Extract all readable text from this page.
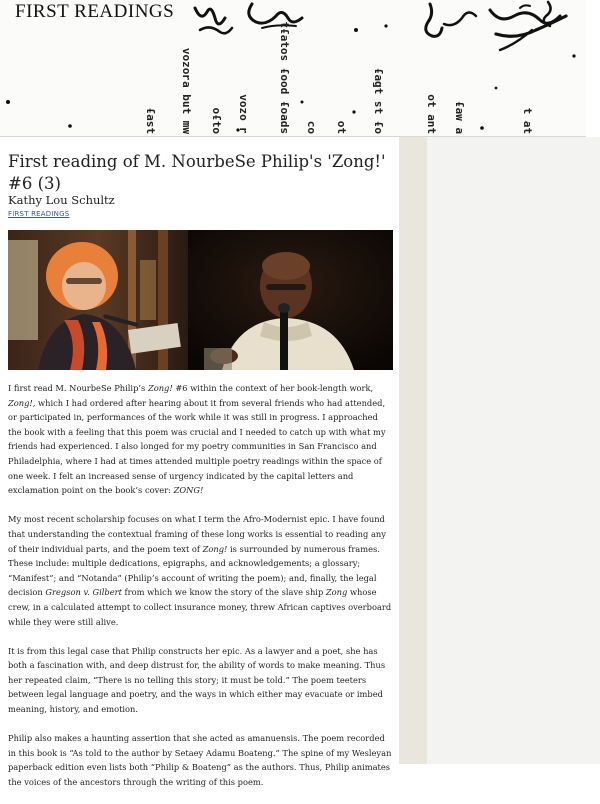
ʇsɐɟ ʍɯ ʇnq ɐɹozoʌ oʇɟo ɹ ozoʌ	spɐoɟ pooɟ soʇɐɟʇ oɔ ʇo oɟ ʇs ʇƃɐɟ	ʇuɐ ʇo ɐ ʍɐɟ	ʇɐ ʇ
FIRST READINGS
First reading of M. NourbeSe Philip's 'Zong!' #6 (3)
Kathy Lou Schultz
FIRST READINGS

I first read M. NourbeSe Philip’s Zong! #6 within the context of her book-length work, Zong!, which I had ordered after hearing about it from several friends who had attended, or participated in, performances of the work while it was still in progress. I approached the book with a feeling that this poem was crucial and I needed to catch up with what my friends had experienced. I also longed for my poetry communities in San Francisco and Philadelphia, where I had at times attended multiple poetry readings within the space of one week. I felt an increased sense of urgency indicated by the capital letters and exclamation point on the book’s cover: ZONG!

My most recent scholarship focuses on what I term the Afro-Modernist epic. I have found that understanding the contextual framing of these long works is essential to reading any of their individual parts, and the poem text of Zong! is surrounded by numerous frames. These include: multiple dedications, epigraphs, and acknowledgements; a glossary; “Manifest”; and “Notanda” (Philip’s account of writing the poem); and, finally, the legal decision Gregson v. Gilbert from which we know the story of the slave ship Zong whose crew, in a calculated attempt to collect insurance money, threw African captives overboard while they were still alive.

It is from this legal case that Philip constructs her epic. As a lawyer and a poet, she has both a fascination with, and deep distrust for, the ability of words to make meaning. Thus her repeated claim, “There is no telling this story; it must be told.” The poem teeters between legal language and poetry, and the ways in which either may evacuate or imbed meaning, history, and emotion.

Philip also makes a haunting assertion that she acted as amanuensis. The poem recorded in this book is “As told to the author by Setaey Adamu Boateng.” The spine of my Wesleyan paperback edition even lists both “Philip & Boateng” as the authors. Thus, Philip animates the voices of the ancestors through the writing of this poem.
